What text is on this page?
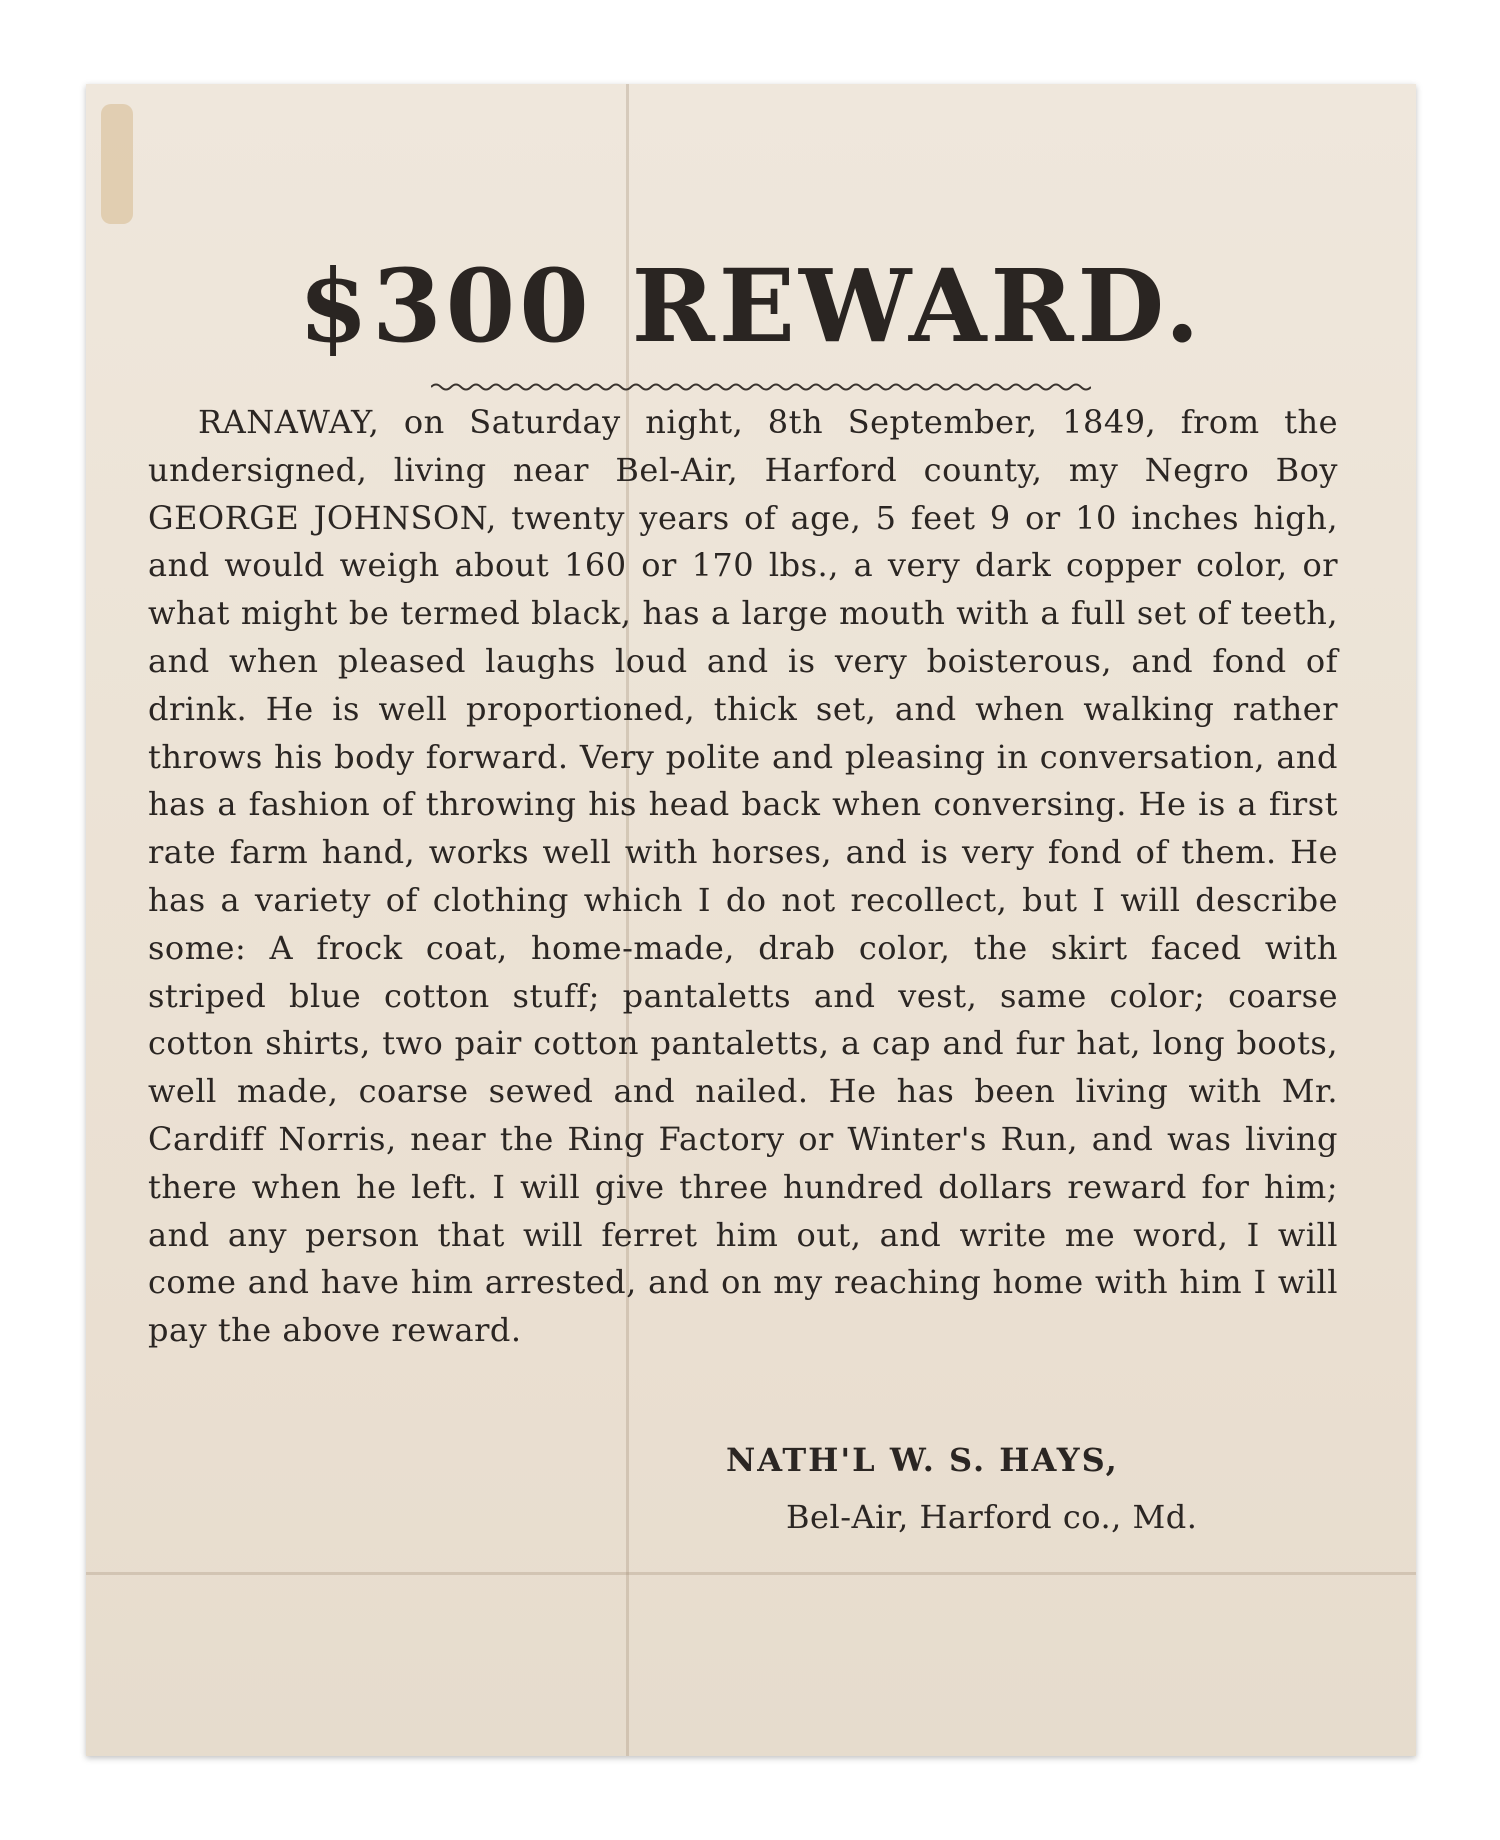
$300 REWARD.

RANAWAY, on Saturday night, 8th September, 1849, from the undersigned, living near Bel-Air, Harford county, my Negro Boy GEORGE JOHNSON, twenty years of age, 5 feet 9 or 10 inches high, and would weigh about 160 or 170 lbs., a very dark copper color, or what might be termed black, has a large mouth with a full set of teeth, and when pleased laughs loud and is very boisterous, and fond of drink. He is well proportioned, thick set, and when walking rather throws his body forward. Very polite and pleasing in conversation, and has a fashion of throwing his head back when conversing. He is a first rate farm hand, works well with horses, and is very fond of them. He has a variety of clothing which I do not recollect, but I will describe some: A frock coat, home-made, drab color, the skirt faced with striped blue cotton stuff; pantaletts and vest, same color; coarse cotton shirts, two pair cotton pantaletts, a cap and fur hat, long boots, well made, coarse sewed and nailed. He has been living with Mr. Cardiff Norris, near the Ring Factory or Winter's Run, and was living there when he left. I will give three hundred dollars reward for him; and any person that will ferret him out, and write me word, I will come and have him arrested, and on my reaching home with him I will pay the above reward.

NATH'L W. S. HAYS,
Bel-Air, Harford co., Md.
